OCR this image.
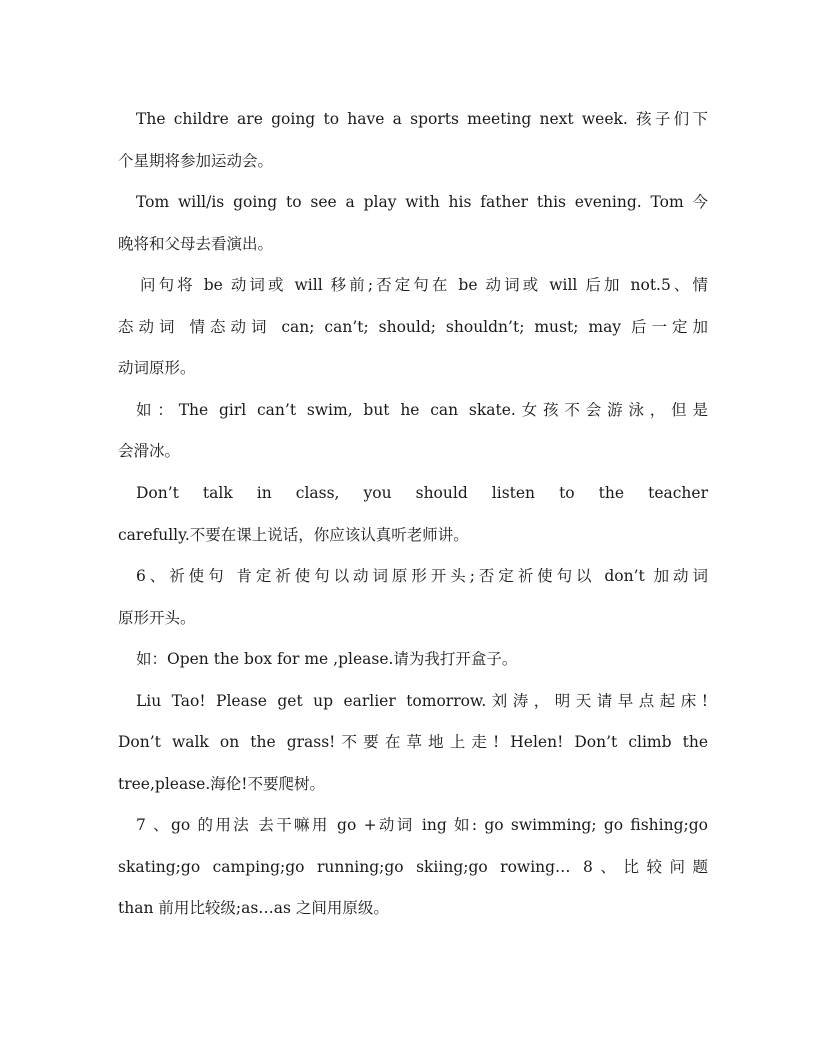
The childre are going to have a sports meeting next week. 孩子们下
个星期将参加运动会。
Tom will/is going to see a play with his father this evening. Tom 今
晚将和父母去看演出。
问句将 be 动词或 will 移前;否定句在 be 动词或 will 后加 not.5、情
态动词 情态动词 can; can’t; should; shouldn’t; must; may 后一定加
动词原形。
如：The girl can’t swim, but he can skate.女孩不会游泳，但是
会滑冰。
Don’t talk in class, you should listen to the teacher
carefully.不要在课上说话，你应该认真听老师讲。
6、祈使句 肯定祈使句以动词原形开头;否定祈使句以 don’t 加动词
原形开头。
如：Open the box for me ,please.请为我打开盒子。
Liu Tao! Please get up earlier tomorrow.刘涛，明天请早点起床!
Don’t walk on the grass!不要在草地上走! Helen! Don’t climb the
tree,please.海伦!不要爬树。
7 、go 的用法 去干嘛用 go +动词 ing 如: go swimming; go fishing;go
skating;go camping;go running;go skiing;go rowing… 8、比较问题
than 前用比较级;as…as 之间用原级。
